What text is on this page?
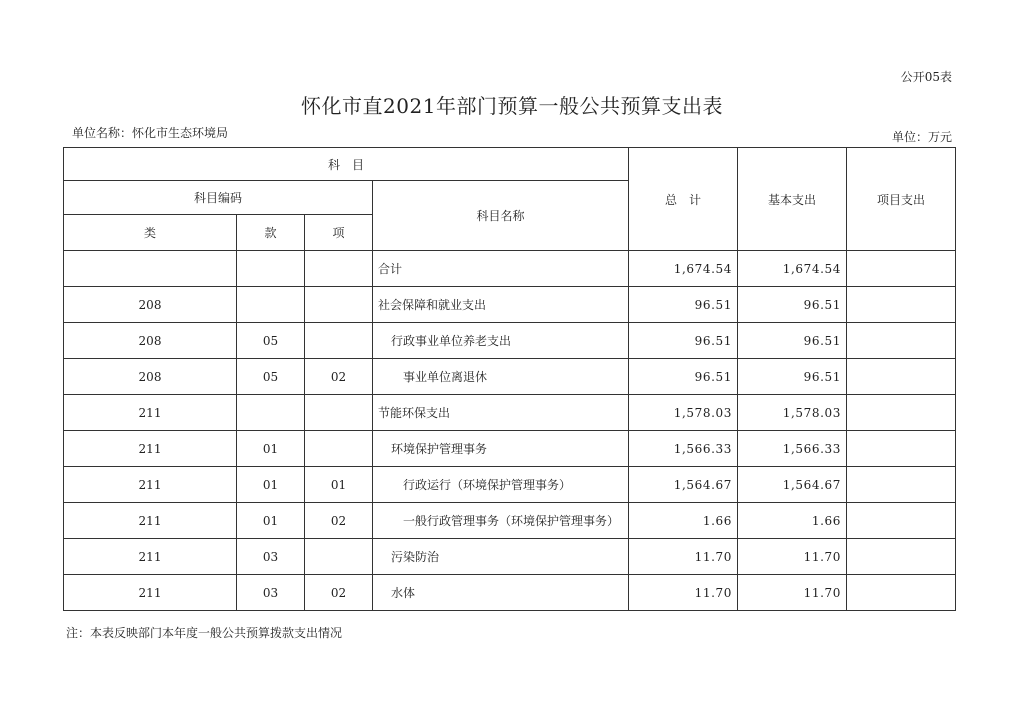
公开05表
怀化市直2021年部门预算一般公共预算支出表
单位名称：怀化市生态环境局	单位：万元
科　目				总　计	基本支出	项目支出
科目编码			科目名称			
类	款	项				
			合计	1,674.54	1,674.54	
208			社会保障和就业支出	96.51	96.51	
208	05		行政事业单位养老支出	96.51	96.51	
208	05	02	事业单位离退休	96.51	96.51	
211			节能环保支出	1,578.03	1,578.03	
211	01		环境保护管理事务	1,566.33	1,566.33	
211	01	01	行政运行（环境保护管理事务）	1,564.67	1,564.67	
211	01	02	一般行政管理事务（环境保护管理事务）	1.66	1.66	
211	03		污染防治	11.70	11.70	
211	03	02	水体	11.70	11.70	
注：本表反映部门本年度一般公共预算拨款支出情况
